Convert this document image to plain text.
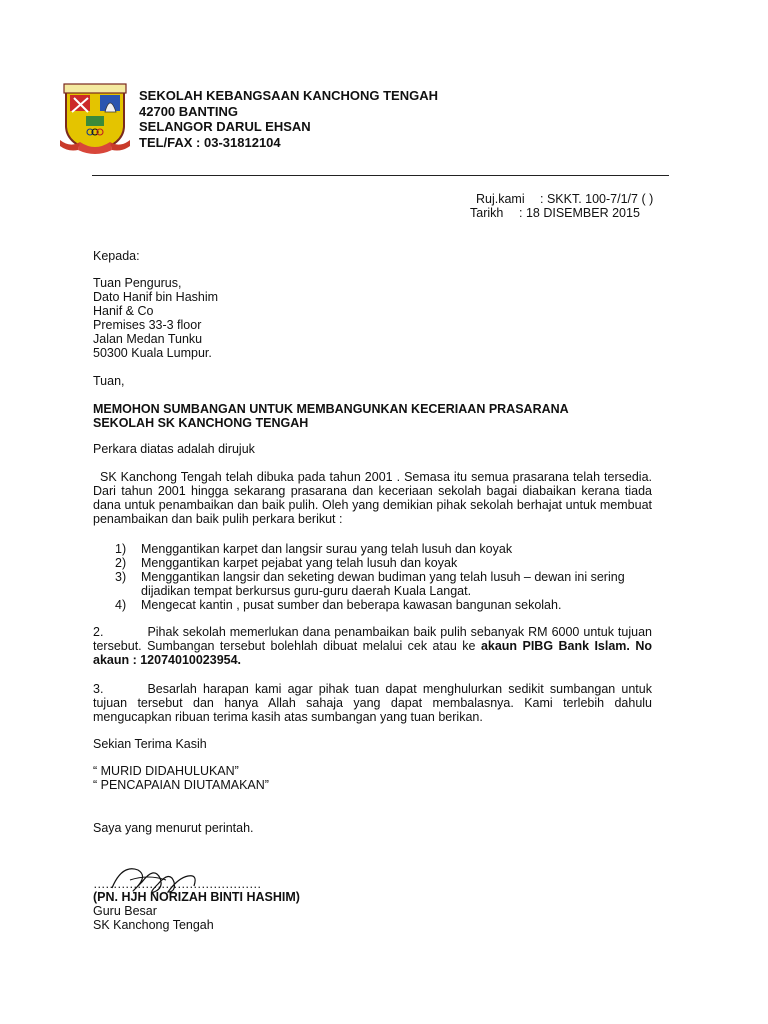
SEKOLAH KEBANGSAAN KANCHONG TENGAH
42700 BANTING
SELANGOR DARUL EHSAN
TEL/FAX : 03-31812104
Ruj.kami : SKKT. 100-7/1/7 ( )
Tarikh : 18 DISEMBER 2015
Kepada:
Tuan Pengurus,
Dato Hanif bin Hashim
Hanif & Co
Premises 33-3 floor
Jalan Medan Tunku
50300 Kuala Lumpur.
Tuan,
MEMOHON SUMBANGAN UNTUK MEMBANGUNKAN KECERIAAN PRASARANA
SEKOLAH SK KANCHONG TENGAH
Perkara diatas adalah dirujuk
SK Kanchong Tengah telah dibuka pada tahun 2001 . Semasa itu semua prasarana telah tersedia. Dari tahun 2001 hingga sekarang prasarana dan keceriaan sekolah bagai diabaikan kerana tiada dana untuk penambaikan dan baik pulih. Oleh yang demikian pihak sekolah berhajat untuk membuat penambaikan dan baik pulih perkara berikut :
1) Menggantikan karpet dan langsir surau yang telah lusuh dan koyak
2) Menggantikan karpet pejabat yang telah lusuh dan koyak
3) Menggantikan langsir dan seketing dewan budiman yang telah lusuh – dewan ini sering dijadikan tempat berkursus guru-guru daerah Kuala Langat.
4) Mengecat kantin , pusat sumber dan beberapa kawasan bangunan sekolah.
2.	Pihak sekolah memerlukan dana penambaikan baik pulih sebanyak RM 6000 untuk tujuan tersebut. Sumbangan tersebut bolehlah dibuat melalui cek atau ke akaun PIBG Bank Islam. No akaun : 12074010023954.
3.	Besarlah harapan kami agar pihak tuan dapat menghulurkan sedikit sumbangan untuk tujuan tersebut dan hanya Allah sahaja yang dapat membalasnya. Kami terlebih dahulu mengucapkan ribuan terima kasih atas sumbangan yang tuan berikan.
Sekian Terima Kasih
“ MURID DIDAHULUKAN”
“ PENCAPAIAN DIUTAMAKAN”
Saya yang menurut perintah.
……………………………………
(PN. HJH NORIZAH BINTI HASHIM)
Guru Besar
SK Kanchong Tengah
